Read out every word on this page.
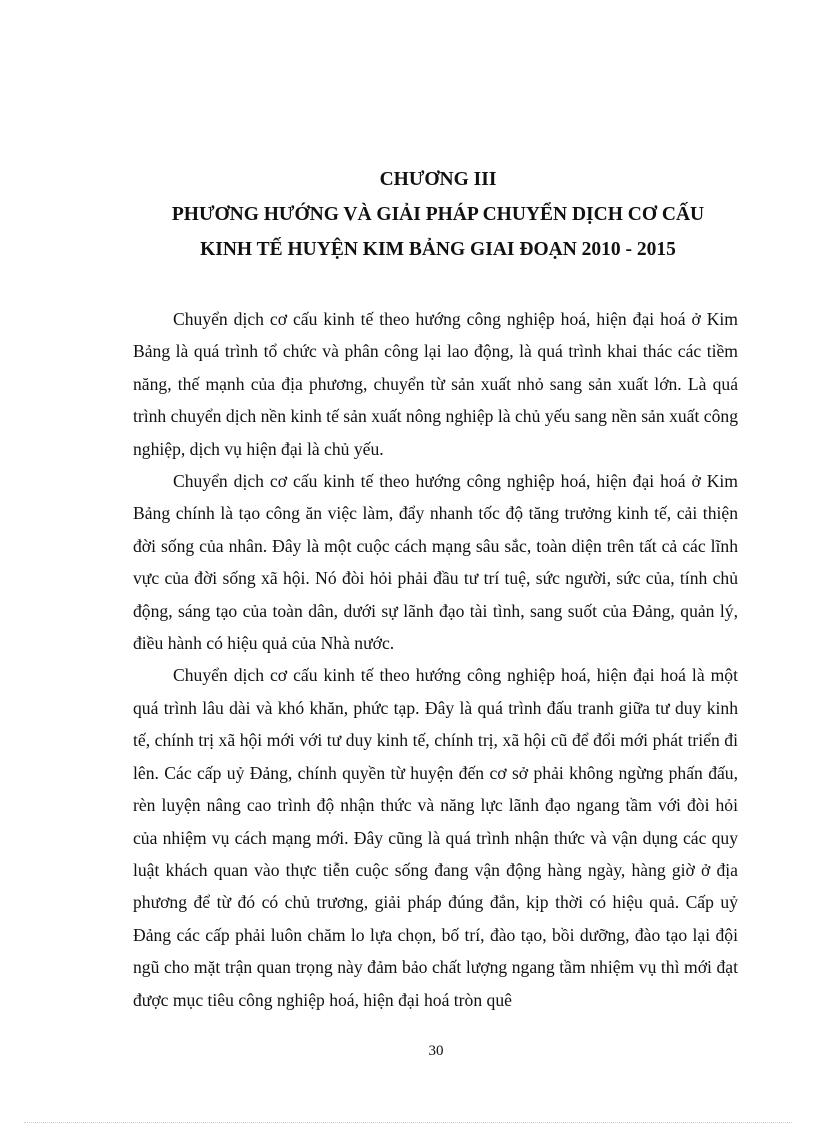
CHƯƠNG III
PHƯƠNG HƯỚNG VÀ GIẢI PHÁP CHUYỂN DỊCH CƠ CẤU
KINH TẾ HUYỆN KIM BẢNG GIAI ĐOẠN 2010 - 2015

Chuyển dịch cơ cấu kinh tế theo hướng công nghiệp hoá, hiện đại hoá ở Kim Bảng là quá trình tổ chức và phân công lại lao động, là quá trình khai thác các tiềm năng, thế mạnh của địa phương, chuyển từ sản xuất nhỏ sang sản xuất lớn. Là quá trình chuyển dịch nền kinh tế sản xuất nông nghiệp là chủ yếu sang nền sản xuất công nghiệp, dịch vụ hiện đại là chủ yếu.

Chuyển dịch cơ cấu kinh tế theo hướng công nghiệp hoá, hiện đại hoá ở Kim Bảng chính là tạo công ăn việc làm, đẩy nhanh tốc độ tăng trưởng kinh tế, cải thiện đời sống của nhân. Đây là một cuộc cách mạng sâu sắc, toàn diện trên tất cả các lĩnh vực của đời sống xã hội. Nó đòi hỏi phải đầu tư trí tuệ, sức người, sức của, tính chủ động, sáng tạo của toàn dân, dưới sự lãnh đạo tài tình, sang suốt của Đảng, quản lý, điều hành có hiệu quả của Nhà nước.

Chuyển dịch cơ cấu kinh tế theo hướng công nghiệp hoá, hiện đại hoá là một quá trình lâu dài và khó khăn, phức tạp. Đây là quá trình đấu tranh giữa tư duy kinh tế, chính trị xã hội mới với tư duy kinh tế, chính trị, xã hội cũ để đổi mới phát triển đi lên. Các cấp uỷ Đảng, chính quyền từ huyện đến cơ sở phải không ngừng phấn đấu, rèn luyện nâng cao trình độ nhận thức và năng lực lãnh đạo ngang tầm với đòi hỏi của nhiệm vụ cách mạng mới. Đây cũng là quá trình nhận thức và vận dụng các quy luật khách quan vào thực tiễn cuộc sống đang vận động hàng ngày, hàng giờ ở địa phương để từ đó có chủ trương, giải pháp đúng đắn, kịp thời có hiệu quả. Cấp uỷ Đảng các cấp phải luôn chăm lo lựa chọn, bố trí, đào tạo, bồi dưỡng, đào tạo lại đội ngũ cho mặt trận quan trọng này đảm bảo chất lượng ngang tầm nhiệm vụ thì mới đạt được mục tiêu công nghiệp hoá, hiện đại hoá tròn quê

30
